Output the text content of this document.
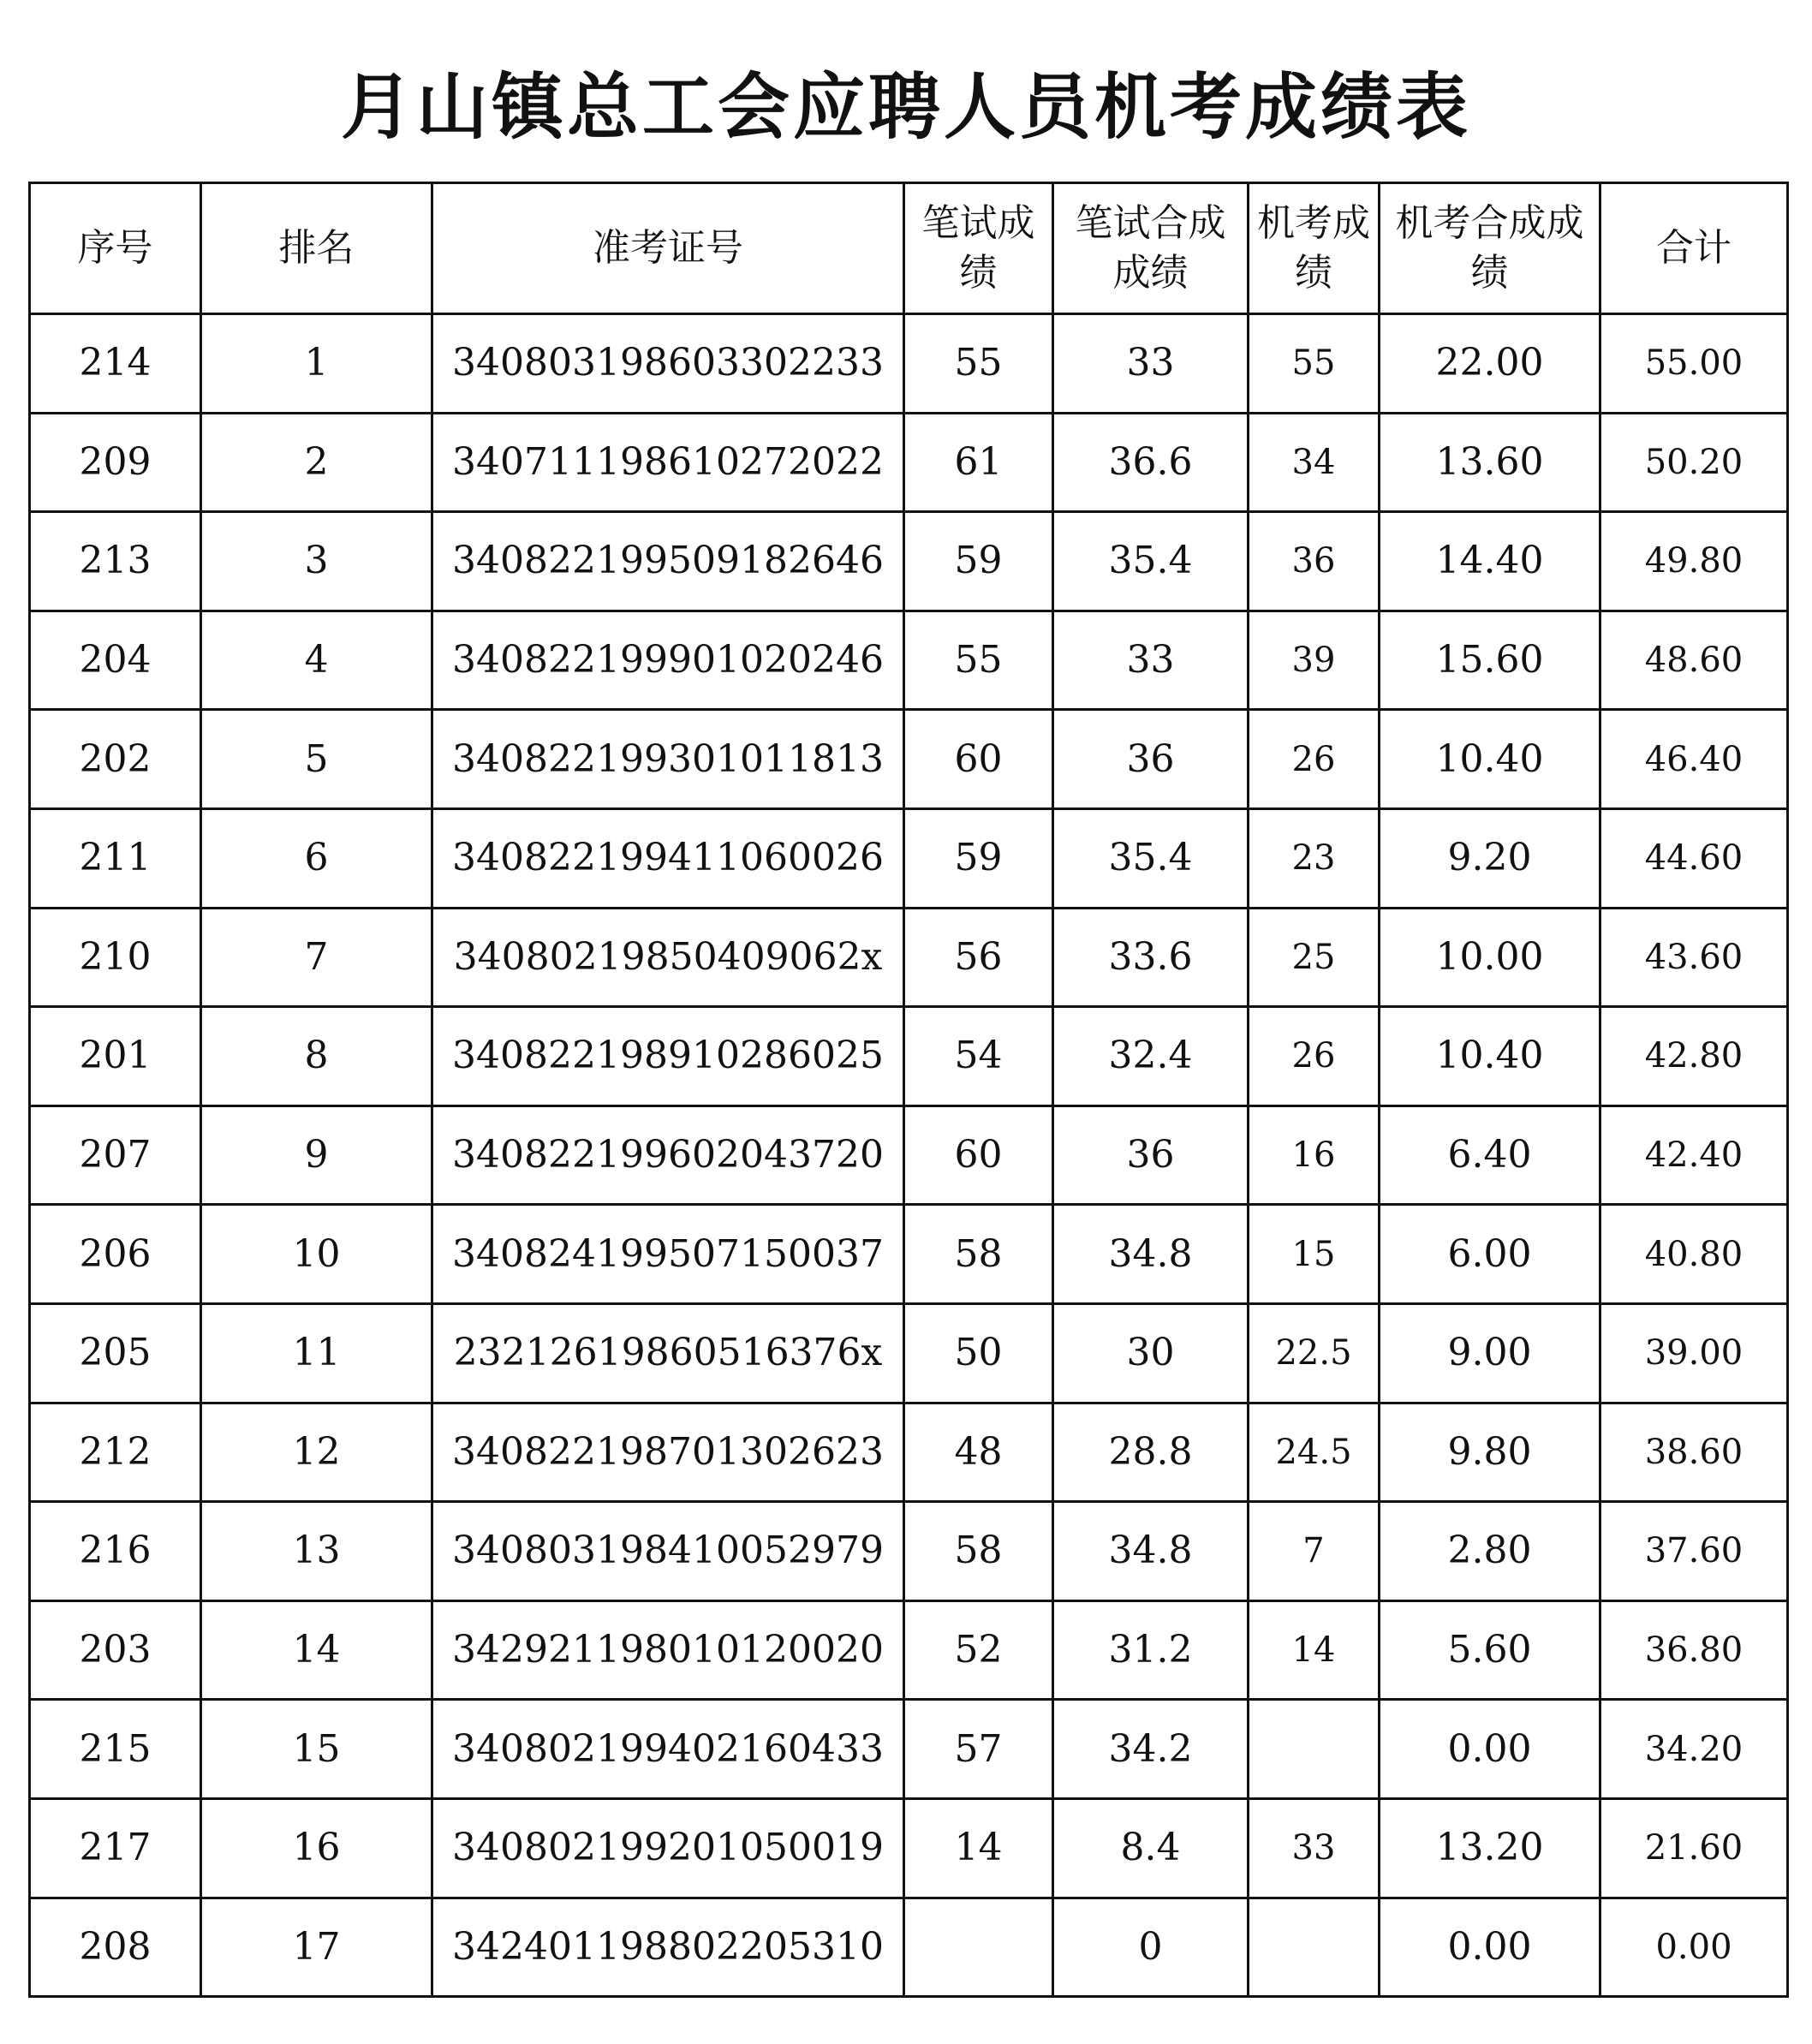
月山镇总工会应聘人员机考成绩表
序号	排名	准考证号	笔试成绩	笔试合成成绩	机考成绩	机考合成成绩	合计

214	1	340803198603302233	55	33	55	22.00	55.00
209	2	340711198610272022	61	36.6	34	13.60	50.20
213	3	340822199509182646	59	35.4	36	14.40	49.80
204	4	340822199901020246	55	33	39	15.60	48.60
202	5	340822199301011813	60	36	26	10.40	46.40
211	6	340822199411060026	59	35.4	23	9.20	44.60
210	7	34080219850409062x	56	33.6	25	10.00	43.60
201	8	340822198910286025	54	32.4	26	10.40	42.80
207	9	340822199602043720	60	36	16	6.40	42.40
206	10	340824199507150037	58	34.8	15	6.00	40.80
205	11	23212619860516376x	50	30	22.5	9.00	39.00
212	12	340822198701302623	48	28.8	24.5	9.80	38.60
216	13	340803198410052979	58	34.8	7	2.80	37.60
203	14	342921198010120020	52	31.2	14	5.60	36.80
215	15	340802199402160433	57	34.2		0.00	34.20
217	16	340802199201050019	14	8.4	33	13.20	21.60
208	17	342401198802205310		0		0.00	0.00
